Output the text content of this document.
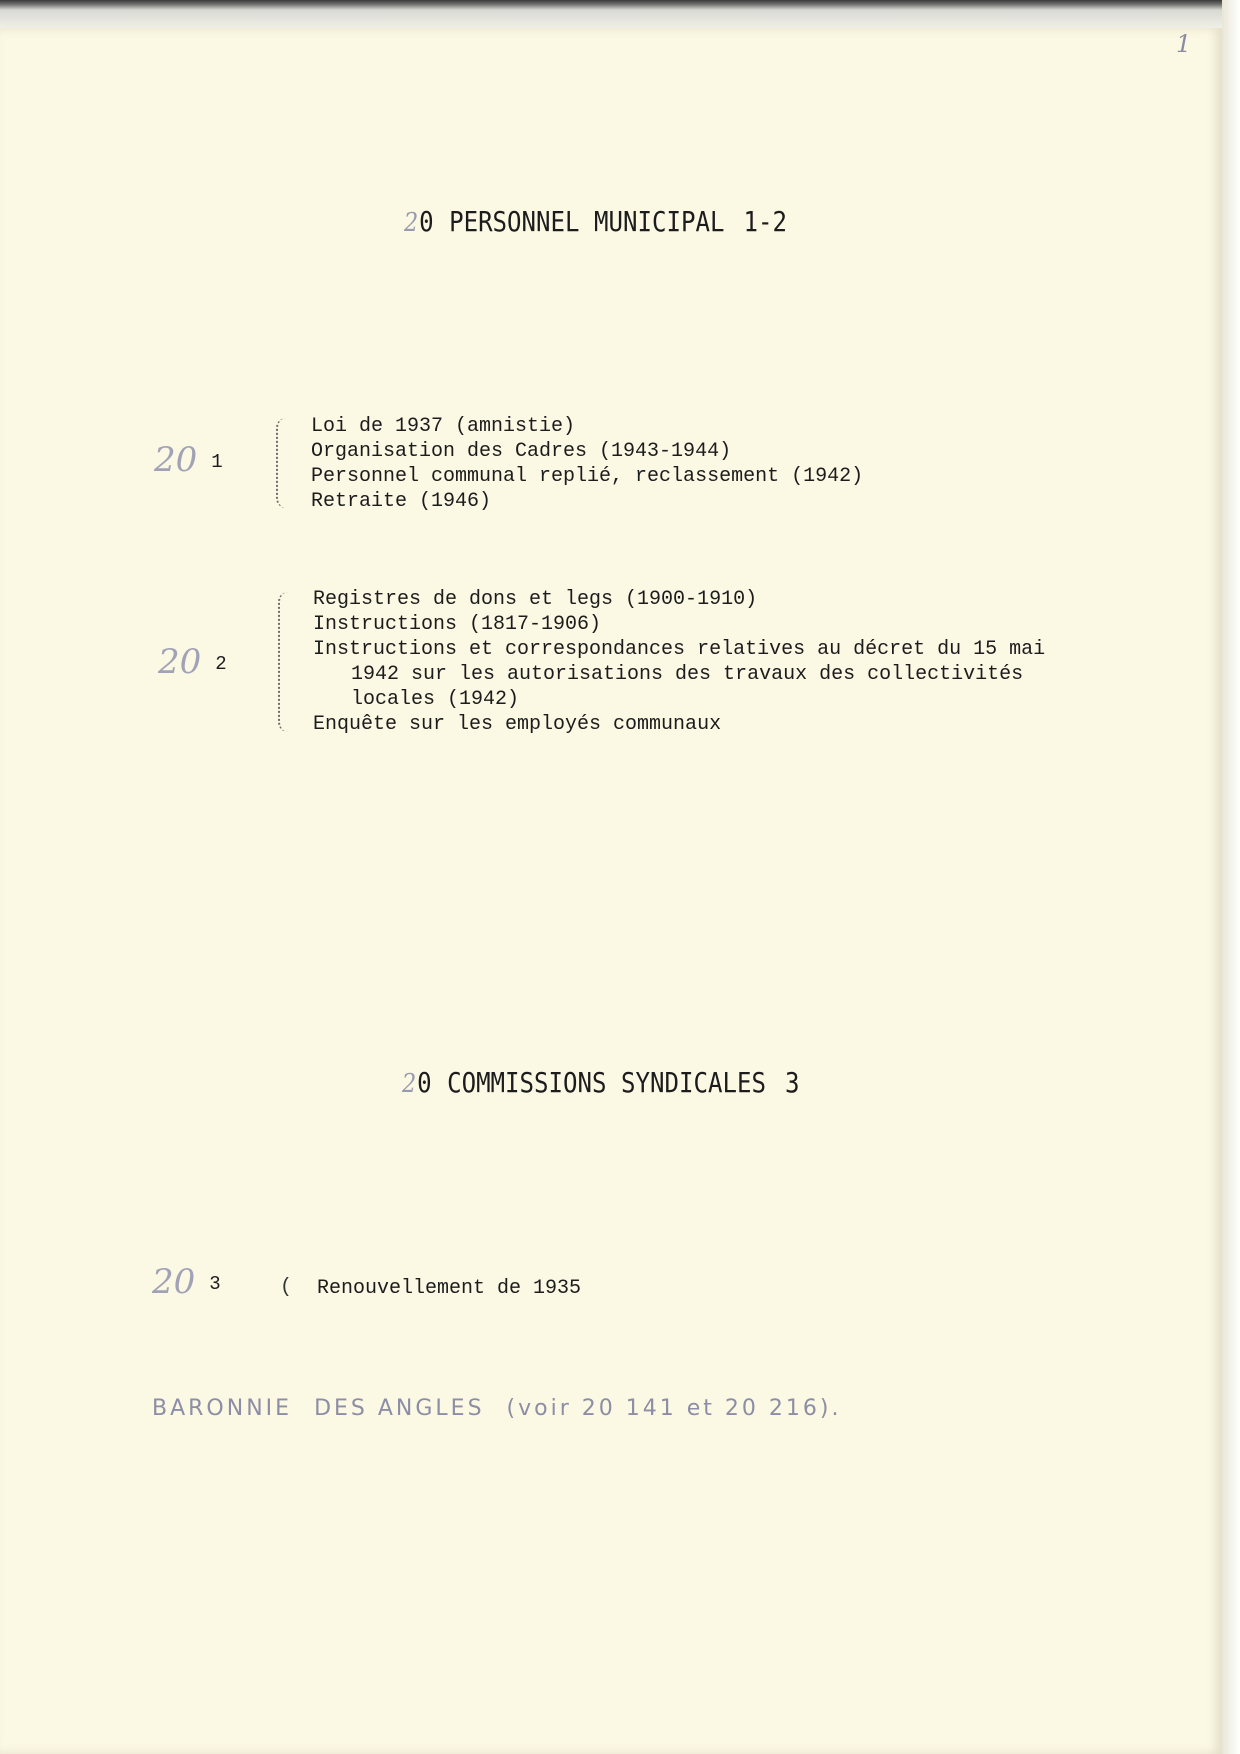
1
20 PERSONNEL MUNICIPAL 1-2
20 1
Loi de 1937 (amnistie)
Organisation des Cadres (1943-1944)
Personnel communal replié, reclassement (1942)
Retraite (1946)
20 2
Registres de dons et legs (1900-1910)
Instructions (1817-1906)
Instructions et correspondances relatives au décret du 15 mai
1942 sur les autorisations des travaux des collectivités
locales (1942)
Enquête sur les employés communaux
20 COMMISSIONS SYNDICALES 3
20 3	( Renouvellement de 1935
BARONNIE DES ANGLES (voir 20 141 et 20 216).
